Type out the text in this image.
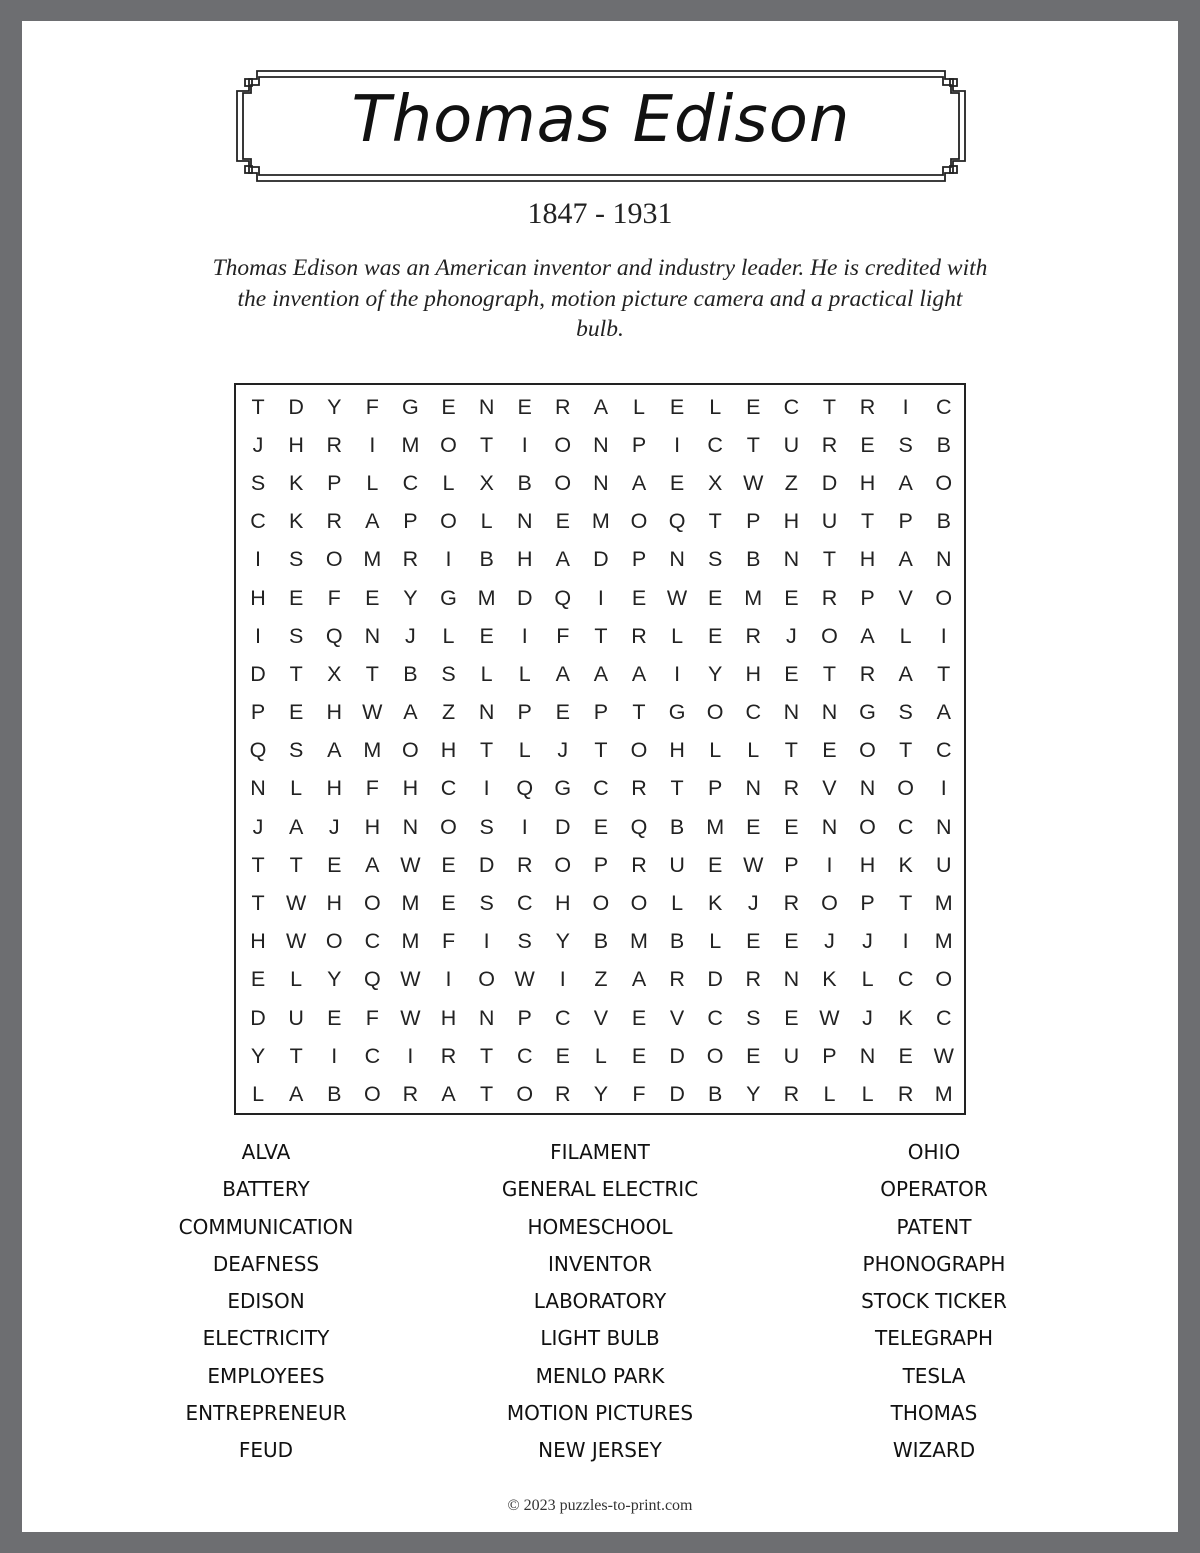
Thomas Edison
1847 - 1931
Thomas Edison was an American inventor and industry leader. He is credited with the invention of the phonograph, motion picture camera and a practical light bulb.
T	D	Y	F	G	E	N	E	R	A	L	E	L	E	C	T	R	I	C
J	H	R	I	M O	T	I	O	N	P	I	C	T	U	R	E	S	B
S	K	P	L	C	L	X	B	O	N	A	E	X W Z	D	H	A	O
C	K	R	A	P	O	L	N	E	M O Q	T	P	H	U	T	P	B
I	S	O M R	I	B	H	A	D	P	N	S	B	N	T	H	A	N
H	E	F	E	Y	G M D	Q	I	E W E	M	E	R	P	V	O
I	S	Q	N	J	L	E	I	F	T	R	L	E	R	J	O	A	L	I
D	T	X	T	B	S	L	L	A	A	A	I	Y	H	E	T	R	A	T
P	E	H W A	Z	N	P	E	P	T	G O	C	N	N	G	S	A
Q	S	A	M O	H	T	L	J	T	O	H	L	L	T	E	O	T	C
N	L	H	F	H	C	I	Q G	C	R	T	P	N	R	V	N	O	I
J	A	J	H	N	O	S	I	D	E	Q	B	M	E	E	N	O	C	N
T	T	E	A W E	D	R	O	P	R	U	E W P	I	H	K	U
T W H	O M	E	S	C	H	O O	L	K	J	R	O	P	T	M
H W O	C M	F	I	S	Y	B	M	B	L	E	E	J	J	I	M
E	L	Y	Q W	I	O W	I	Z	A	R	D	R	N	K	L	C	O
D	U	E	F W H	N	P	C	V	E	V	C	S	E W	J	K	C
Y	T	I	C	I	R	T	C	E	L	E	D	O	E	U	P	N	E W
L	A	B	O	R	A	T	O	R	Y	F	D	B	Y	R	L	L	R M
ALVA
BATTERY
COMMUNICATION
DEAFNESS
EDISON
ELECTRICITY
EMPLOYEES
ENTREPRENEUR
FEUD
FILAMENT
GENERAL ELECTRIC
HOMESCHOOL
INVENTOR
LABORATORY
LIGHT BULB
MENLO PARK
MOTION PICTURES
NEW JERSEY
OHIO
OPERATOR
PATENT
PHONOGRAPH
STOCK TICKER
TELEGRAPH
TESLA
THOMAS
WIZARD
© 2023 puzzles-to-print.com
